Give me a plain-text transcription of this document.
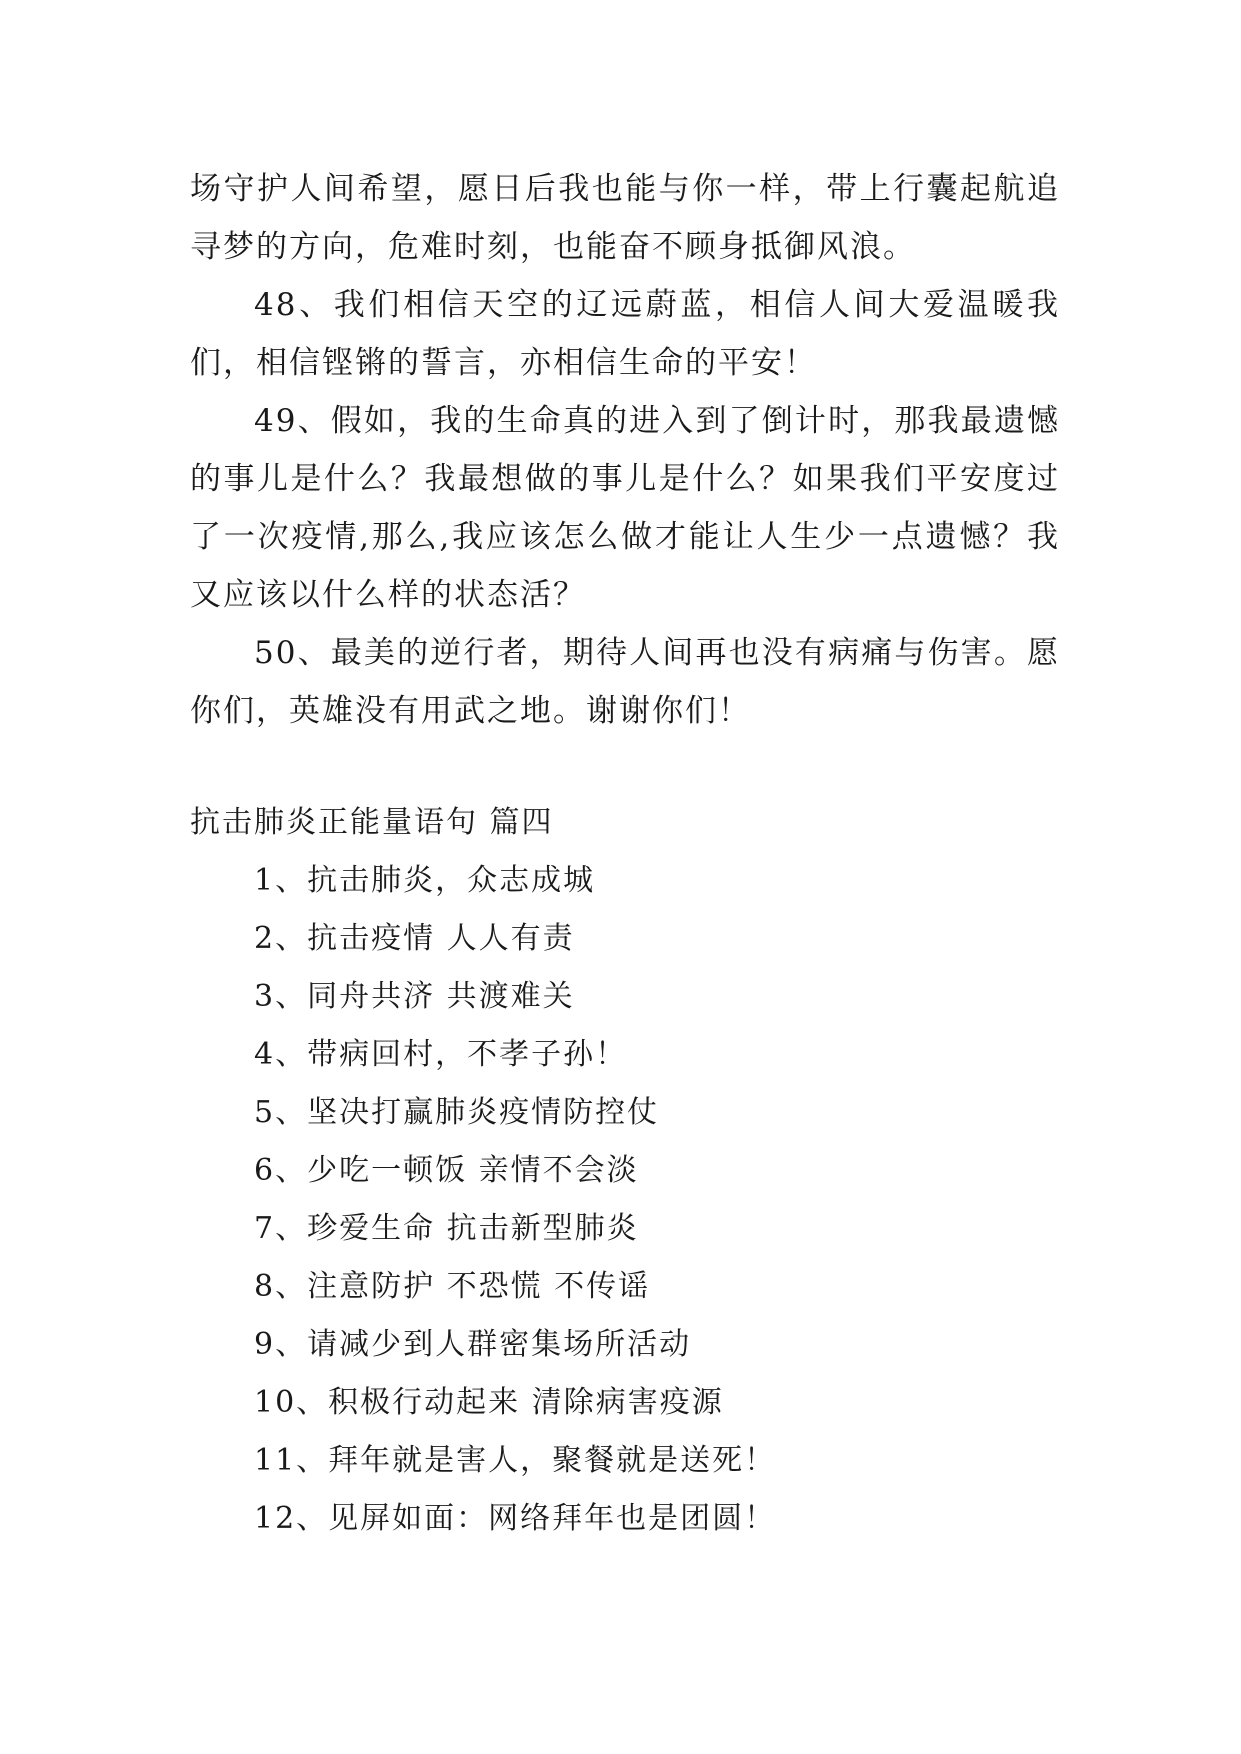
场守护人间希望，愿日后我也能与你一样，带上行囊起航追寻梦的方向，危难时刻，也能奋不顾身抵御风浪。

48、我们相信天空的辽远蔚蓝，相信人间大爱温暖我们，相信铿锵的誓言，亦相信生命的平安！

49、假如，我的生命真的进入到了倒计时，那我最遗憾的事儿是什么？我最想做的事儿是什么？如果我们平安度过了一次疫情,那么,我应该怎么做才能让人生少一点遗憾？我又应该以什么样的状态活？

50、最美的逆行者，期待人间再也没有病痛与伤害。愿你们，英雄没有用武之地。谢谢你们！

抗击肺炎正能量语句 篇四
1、抗击肺炎，众志成城
2、抗击疫情 人人有责
3、同舟共济 共渡难关
4、带病回村，不孝子孙！
5、坚决打赢肺炎疫情防控仗
6、少吃一顿饭 亲情不会淡
7、珍爱生命 抗击新型肺炎
8、注意防护 不恐慌 不传谣
9、请减少到人群密集场所活动
10、积极行动起来 清除病害疫源
11、拜年就是害人，聚餐就是送死！
12、见屏如面：网络拜年也是团圆！
